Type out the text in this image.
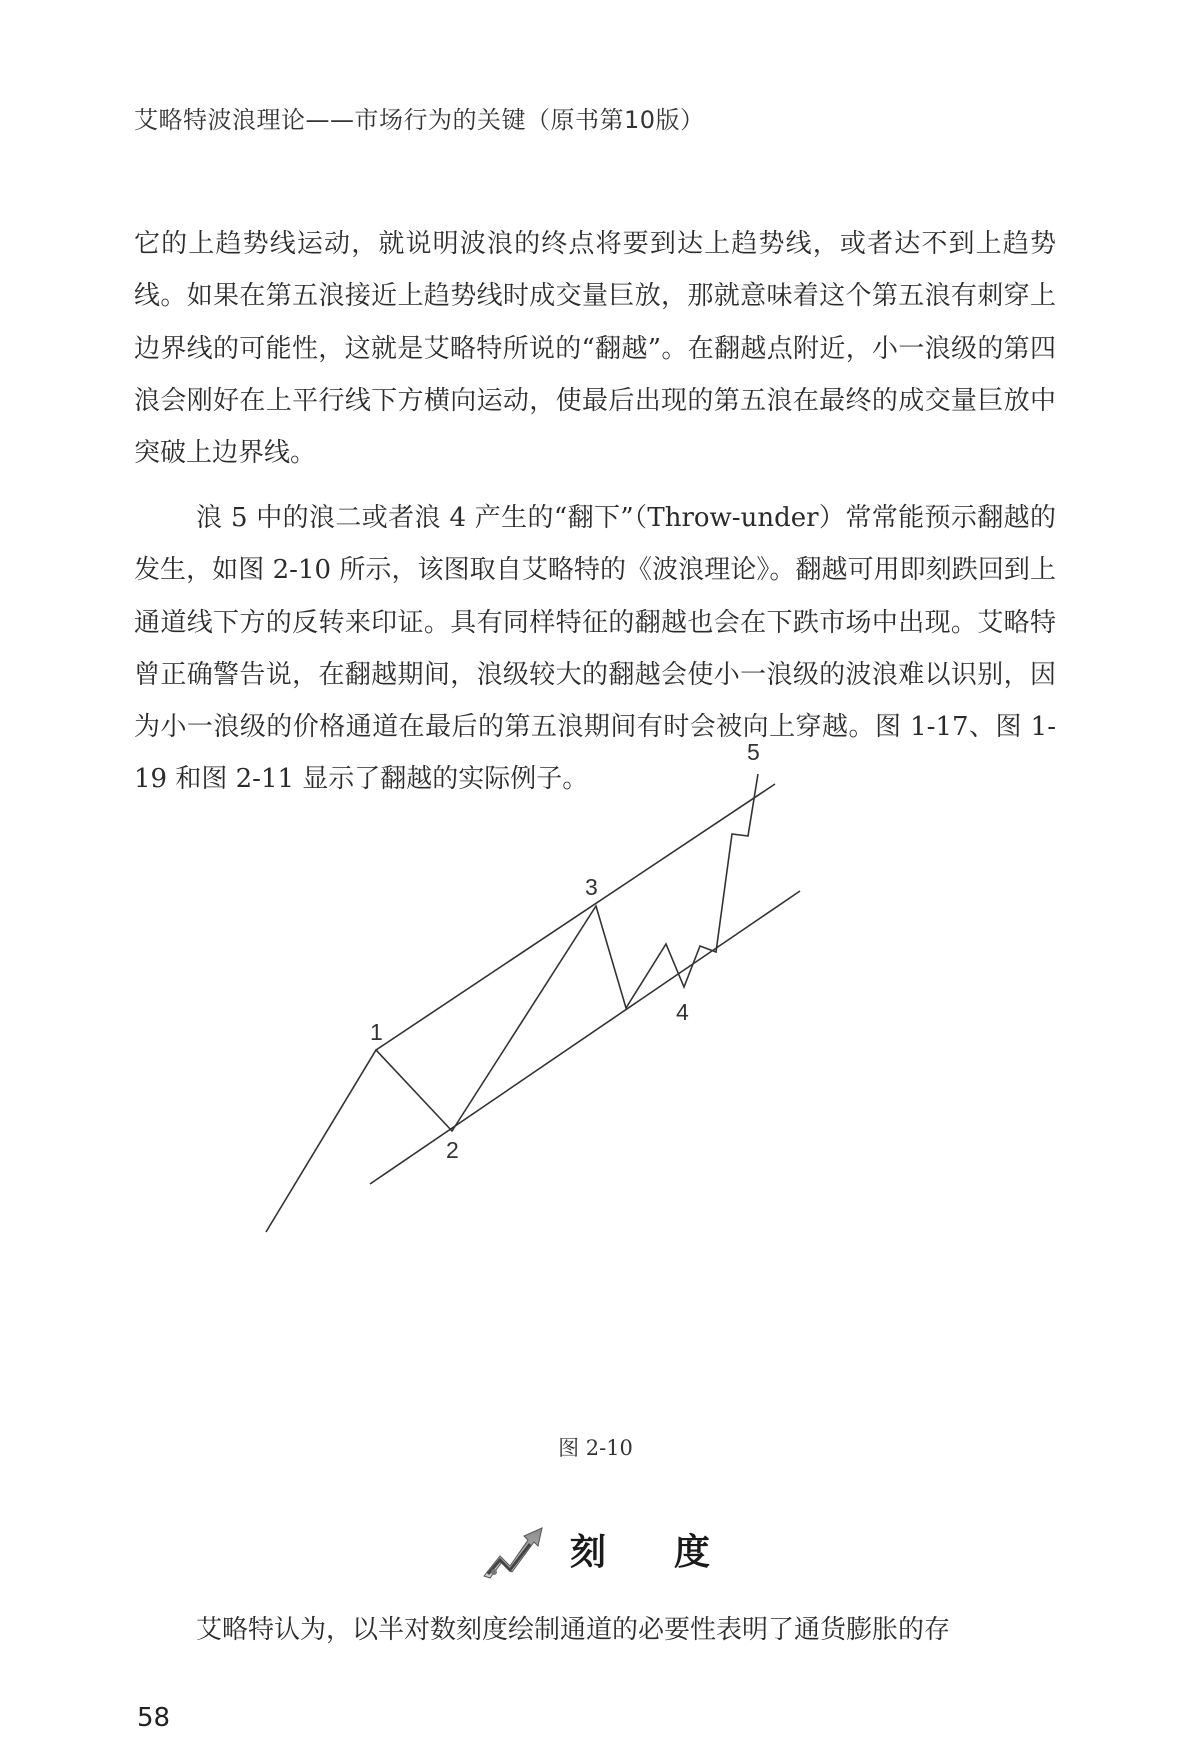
艾略特波浪理论——市场行为的关键（原书第10版）

它的上趋势线运动，就说明波浪的终点将要到达上趋势线，或者达不到上趋势线。如果在第五浪接近上趋势线时成交量巨放，那就意味着这个第五浪有刺穿上边界线的可能性，这就是艾略特所说的“翻越”。在翻越点附近，小一浪级的第四浪会刚好在上平行线下方横向运动，使最后出现的第五浪在最终的成交量巨放中突破上边界线。

浪 5 中的浪二或者浪 4 产生的“翻下”（Throw-under）常常能预示翻越的发生，如图 2-10 所示，该图取自艾略特的《波浪理论》。翻越可用即刻跌回到上通道线下方的反转来印证。具有同样特征的翻越也会在下跌市场中出现。艾略特曾正确警告说，在翻越期间，浪级较大的翻越会使小一浪级的波浪难以识别，因为小一浪级的价格通道在最后的第五浪期间有时会被向上穿越。图 1-17、图 1-19 和图 2-11 显示了翻越的实际例子。

1
2
3
4
5
图 2-10
刻度

艾略特认为，以半对数刻度绘制通道的必要性表明了通货膨胀的存

58
